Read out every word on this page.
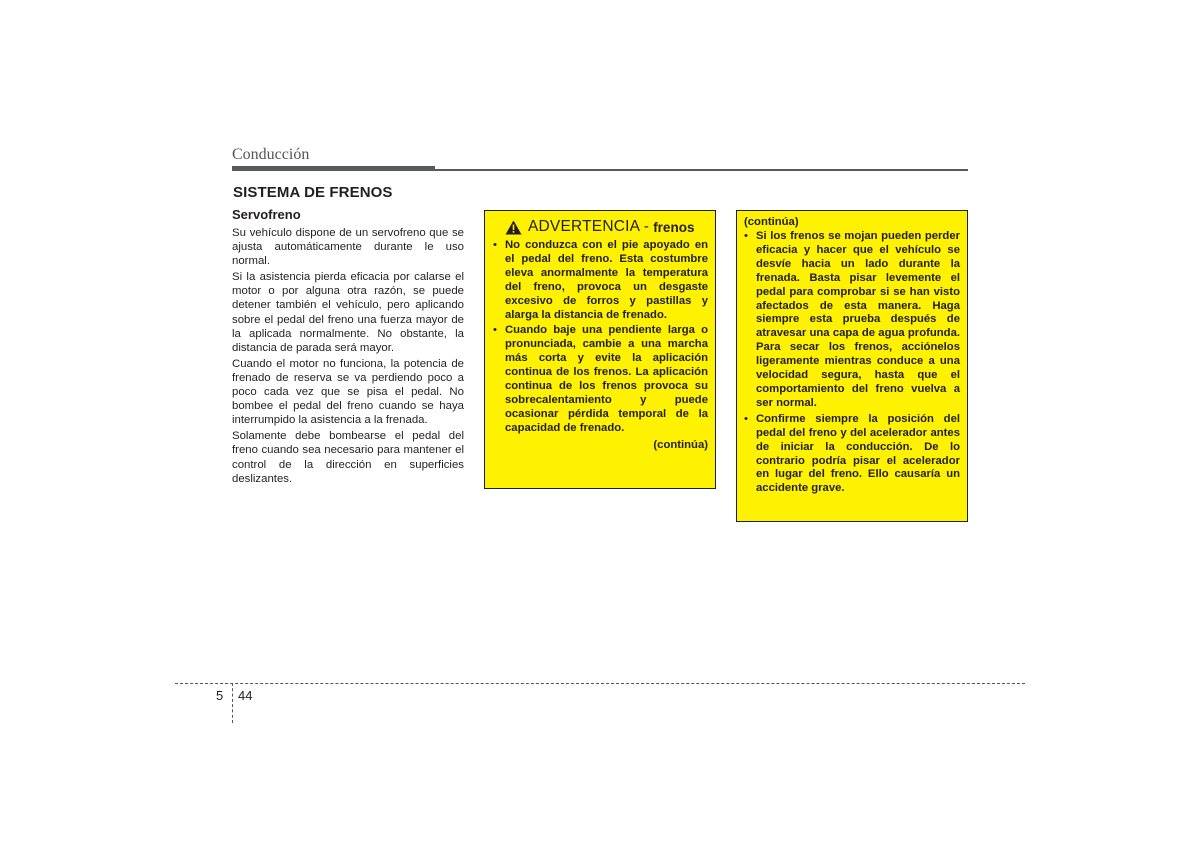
Conducción
SISTEMA DE FRENOS
Servofreno

Su vehículo dispone de un servofreno que se ajusta automáticamente durante le uso normal.

Si la asistencia pierda eficacia por calarse el motor o por alguna otra razón, se puede detener también el vehículo, pero aplicando sobre el pedal del freno una fuerza mayor de la aplicada normalmente. No obstante, la distancia de parada será mayor.

Cuando el motor no funciona, la potencia de frenado de reserva se va perdiendo poco a poco cada vez que se pisa el pedal. No bombee el pedal del freno cuando se haya interrumpido la asistencia a la frenada.

Solamente debe bombearse el pedal del freno cuando sea necesario para mantener el control de la dirección en superficies deslizantes.

ADVERTENCIA - frenos
• No conduzca con el pie apoyado en el pedal del freno. Esta costumbre eleva anormalmente la temperatura del freno, provoca un desgaste excesivo de forros y pastillas y alarga la distancia de frenado.
• Cuando baje una pendiente larga o pronunciada, cambie a una marcha más corta y evite la aplicación continua de los frenos. La aplicación continua de los frenos provoca su sobrecalentamiento y puede ocasionar pérdida temporal de la capacidad de frenado.

(continúa)

(continúa)

• Si los frenos se mojan pueden perder eficacia y hacer que el vehículo se desvíe hacia un lado durante la frenada. Basta pisar levemente el pedal para comprobar si se han visto afectados de esta manera. Haga siempre esta prueba después de atravesar una capa de agua profunda. Para secar los frenos, acciónelos ligeramente mientras conduce a una velocidad segura, hasta que el comportamiento del freno vuelva a ser normal.
• Confirme siempre la posición del pedal del freno y del acelerador antes de iniciar la conducción. De lo contrario podría pisar el acelerador en lugar del freno. Ello causaría un accidente grave.
5 44
